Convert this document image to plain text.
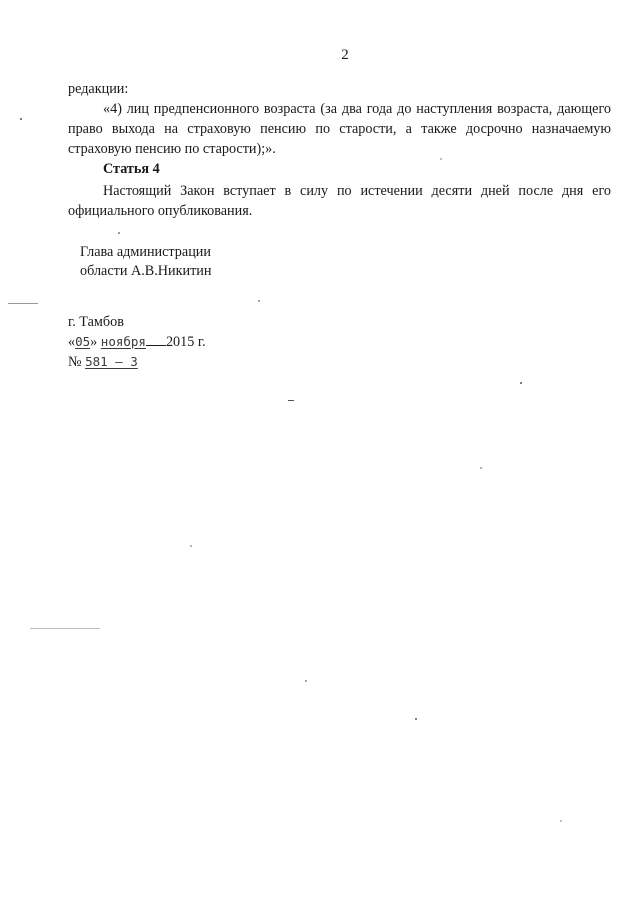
2
редакции:
«4) лиц предпенсионного возраста (за два года до наступления возраста, дающего право выхода на страховую пенсию по старости, а также досрочно назначаемую страховую пенсию по старости);».
Статья 4
Настоящий Закон вступает в силу по истечении десяти дней после дня его официального опубликования.
Глава администрации
области А.В.Никитин
г. Тамбов
«05» ноября 2015 г.
№ 581 – 3
